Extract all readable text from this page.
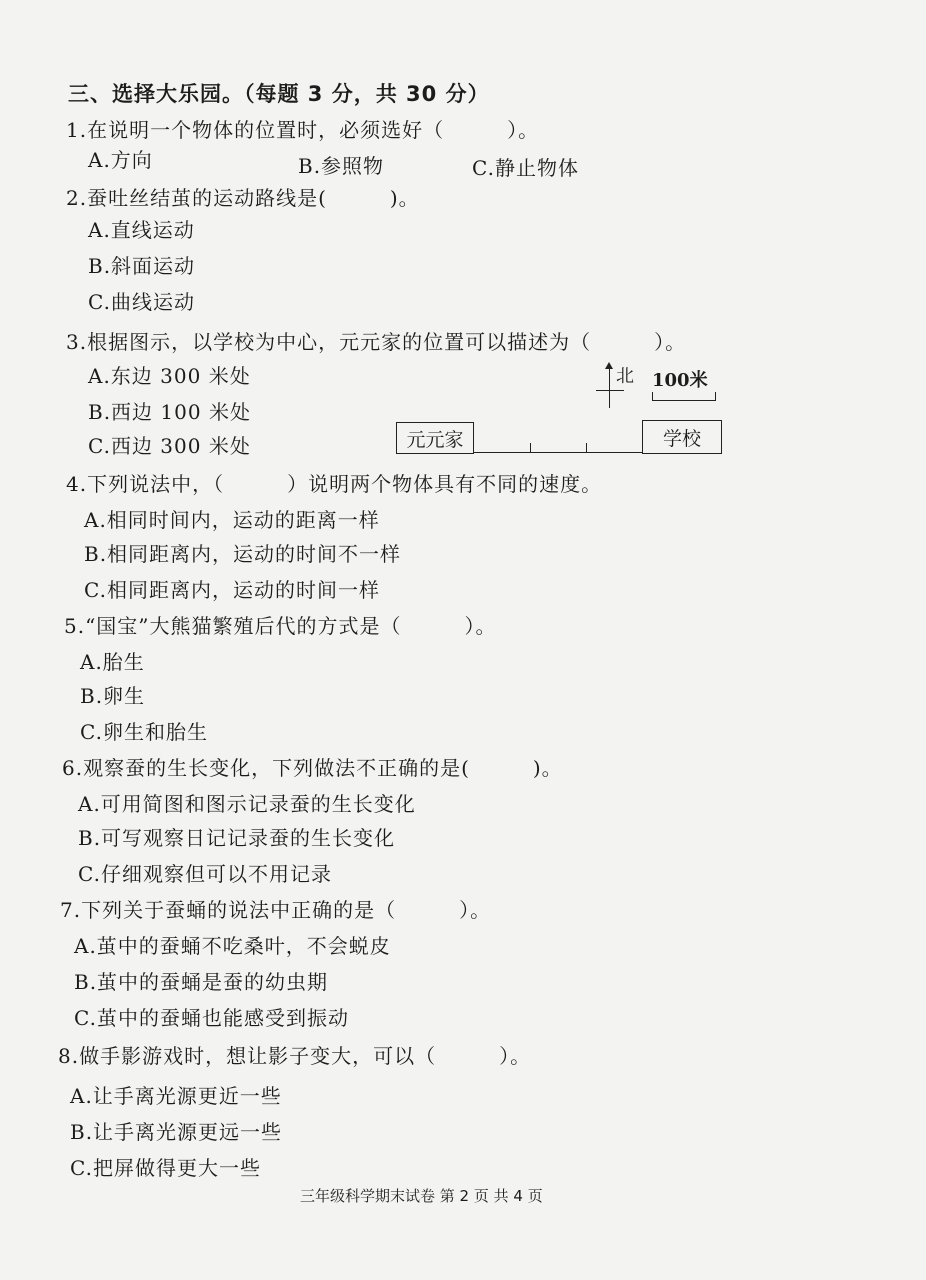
三、选择大乐园。（每题 3 分，共 30 分）
1.在说明一个物体的位置时，必须选好（　　　）。
A.方向	B.参照物	C.静止物体
2.蚕吐丝结茧的运动路线是(　　　)。
A.直线运动
B.斜面运动
C.曲线运动
3.根据图示，以学校为中心，元元家的位置可以描述为（　　　）。
A.东边 300 米处
B.西边 100 米处
C.西边 300 米处
北 100米
元元家	学校
4.下列说法中，（　　　）说明两个物体具有不同的速度。
A.相同时间内，运动的距离一样
B.相同距离内，运动的时间不一样
C.相同距离内，运动的时间一样
5.“国宝”大熊猫繁殖后代的方式是（　　　）。
A.胎生
B.卵生
C.卵生和胎生
6.观察蚕的生长变化，下列做法不正确的是(　　　)。
A.可用简图和图示记录蚕的生长变化
B.可写观察日记记录蚕的生长变化
C.仔细观察但可以不用记录
7.下列关于蚕蛹的说法中正确的是（　　　）。
A.茧中的蚕蛹不吃桑叶，不会蜕皮
B.茧中的蚕蛹是蚕的幼虫期
C.茧中的蚕蛹也能感受到振动
8.做手影游戏时，想让影子变大，可以（　　　）。
A.让手离光源更近一些
B.让手离光源更远一些
C.把屏做得更大一些
三年级科学期末试卷 第 2 页 共 4 页
